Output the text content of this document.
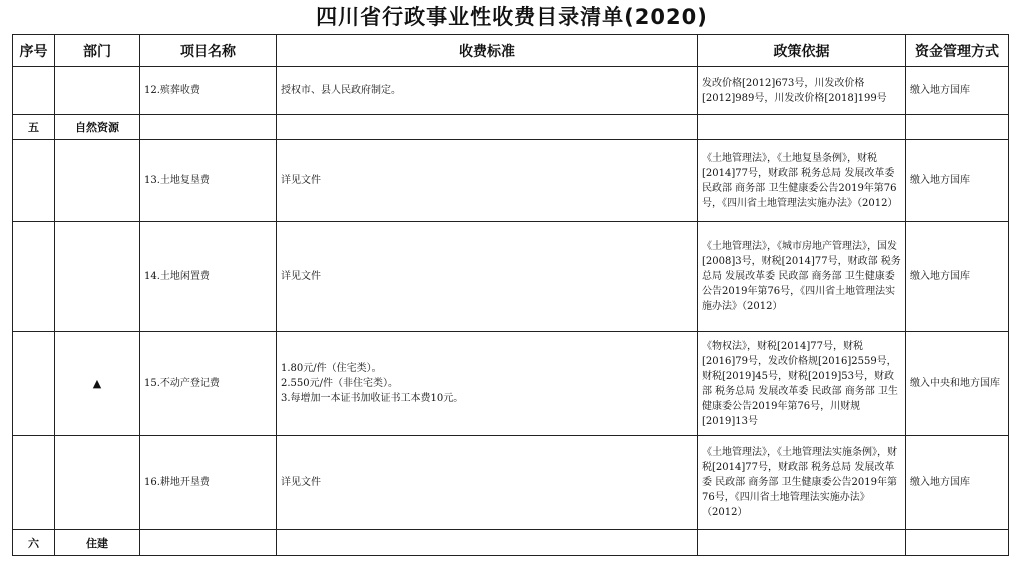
四川省行政事业性收费目录清单(2020)
序号	部门	项目名称	收费标准	政策依据	资金管理方式
		12.殡葬收费	授权市、县人民政府制定。	发改价格[2012]673号，川发改价格[2012]989号，川发改价格[2018]199号	缴入地方国库
五	自然资源				
		13.土地复垦费	详见文件	《土地管理法》，《土地复垦条例》，财税[2014]77号，财政部 税务总局 发展改革委 民政部 商务部 卫生健康委公告2019年第76号，《四川省土地管理法实施办法》（2012）	缴入地方国库
		14.土地闲置费	详见文件	《土地管理法》，《城市房地产管理法》，国发[2008]3号，财税[2014]77号，财政部 税务总局 发展改革委 民政部 商务部 卫生健康委公告2019年第76号，《四川省土地管理法实施办法》（2012）	缴入地方国库
	▲	15.不动产登记费	1.80元/件（住宅类）。
2.550元/件（非住宅类）。
3.每增加一本证书加收证书工本费10元。	《物权法》，财税[2014]77号，财税[2016]79号，发改价格规[2016]2559号，财税[2019]45号，财税[2019]53号，财政部 税务总局 发展改革委 民政部 商务部 卫生健康委公告2019年第76号，川财规[2019]13号	缴入中央和地方国库
		16.耕地开垦费	详见文件	《土地管理法》，《土地管理法实施条例》，财税[2014]77号，财政部 税务总局 发展改革委 民政部 商务部 卫生健康委公告2019年第76号，《四川省土地管理法实施办法》（2012）	缴入地方国库
六	住建				
